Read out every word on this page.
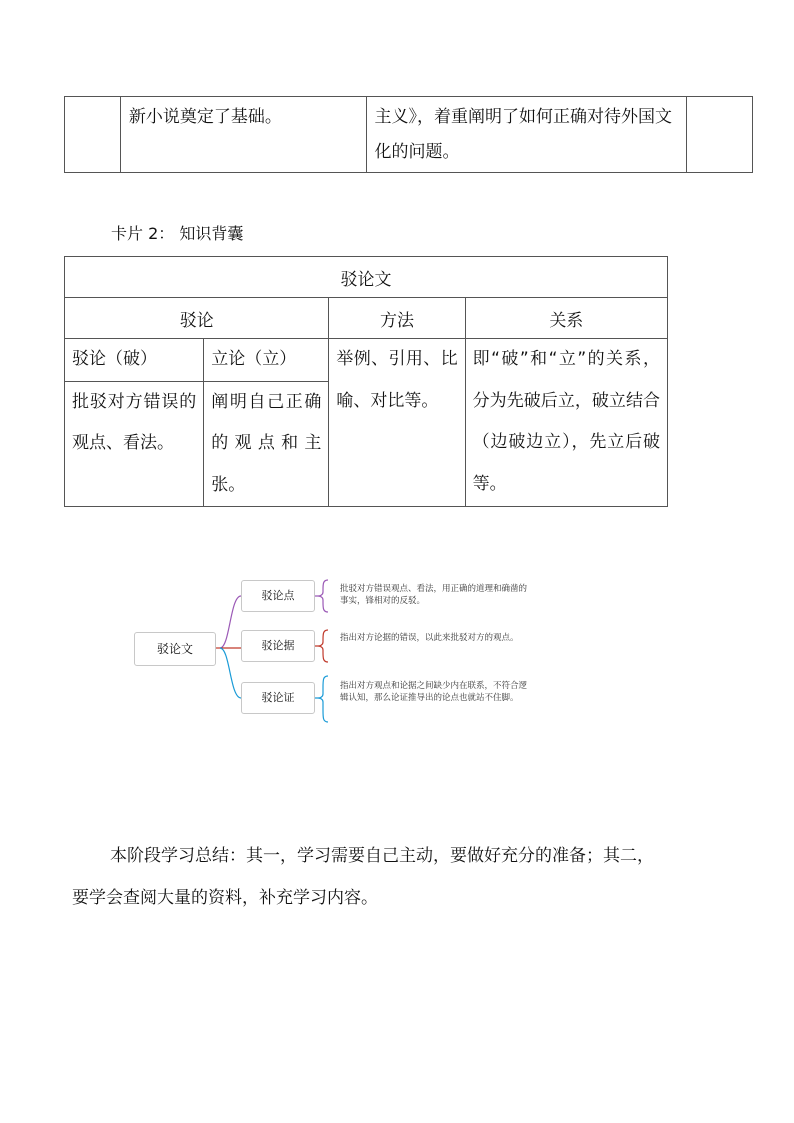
新小说奠定了基础。	主义》，着重阐明了如何正确对待外国文化的问题。

卡片 2： 知识背囊
驳论文			
驳论		方法	关系

驳论（破）	立论（立）	举例、引用、比喻、对比等。	即“破”和“立”的关系，分为先破后立，破立结合（边破边立），先立后破等。

批驳对方错误的观点、看法。	阐明自己正确的观点和主张。		
驳论文
驳论点
驳论据
驳论证
批驳对方错误观点、看法，用正确的道理和确凿的事实，锋相对的反驳。
指出对方论据的错误，以此来批驳对方的观点。
指出对方观点和论据之间缺少内在联系，不符合逻辑认知，那么论证推导出的论点也就站不住脚。
本阶段学习总结：其一，学习需要自己主动，要做好充分的准备；其二，
要学会查阅大量的资料，补充学习内容。
